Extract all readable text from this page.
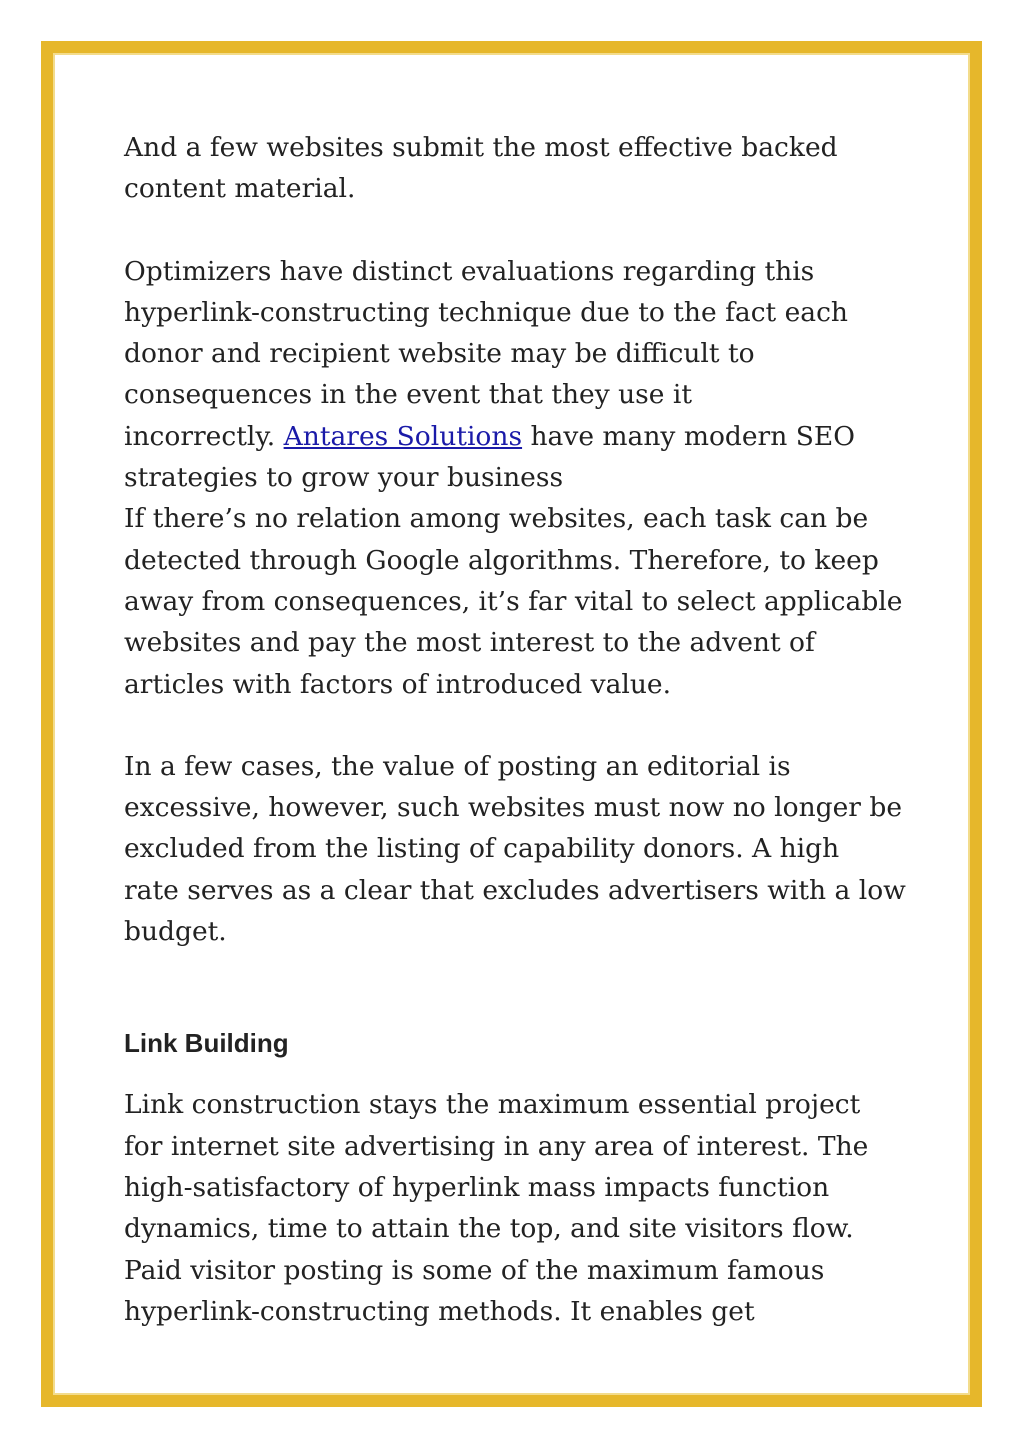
And a few websites submit the most effective backed
content material.

Optimizers have distinct evaluations regarding this
hyperlink-constructing technique due to the fact each
donor and recipient website may be difficult to
consequences in the event that they use it
incorrectly. Antares Solutions have many modern SEO
strategies to grow your business
If there’s no relation among websites, each task can be
detected through Google algorithms. Therefore, to keep
away from consequences, it’s far vital to select applicable
websites and pay the most interest to the advent of
articles with factors of introduced value.

In a few cases, the value of posting an editorial is
excessive, however, such websites must now no longer be
excluded from the listing of capability donors. A high
rate serves as a clear that excludes advertisers with a low
budget.

Link Building

Link construction stays the maximum essential project
for internet site advertising in any area of interest. The
high-satisfactory of hyperlink mass impacts function
dynamics, time to attain the top, and site visitors flow.
Paid visitor posting is some of the maximum famous
hyperlink-constructing methods. It enables get
